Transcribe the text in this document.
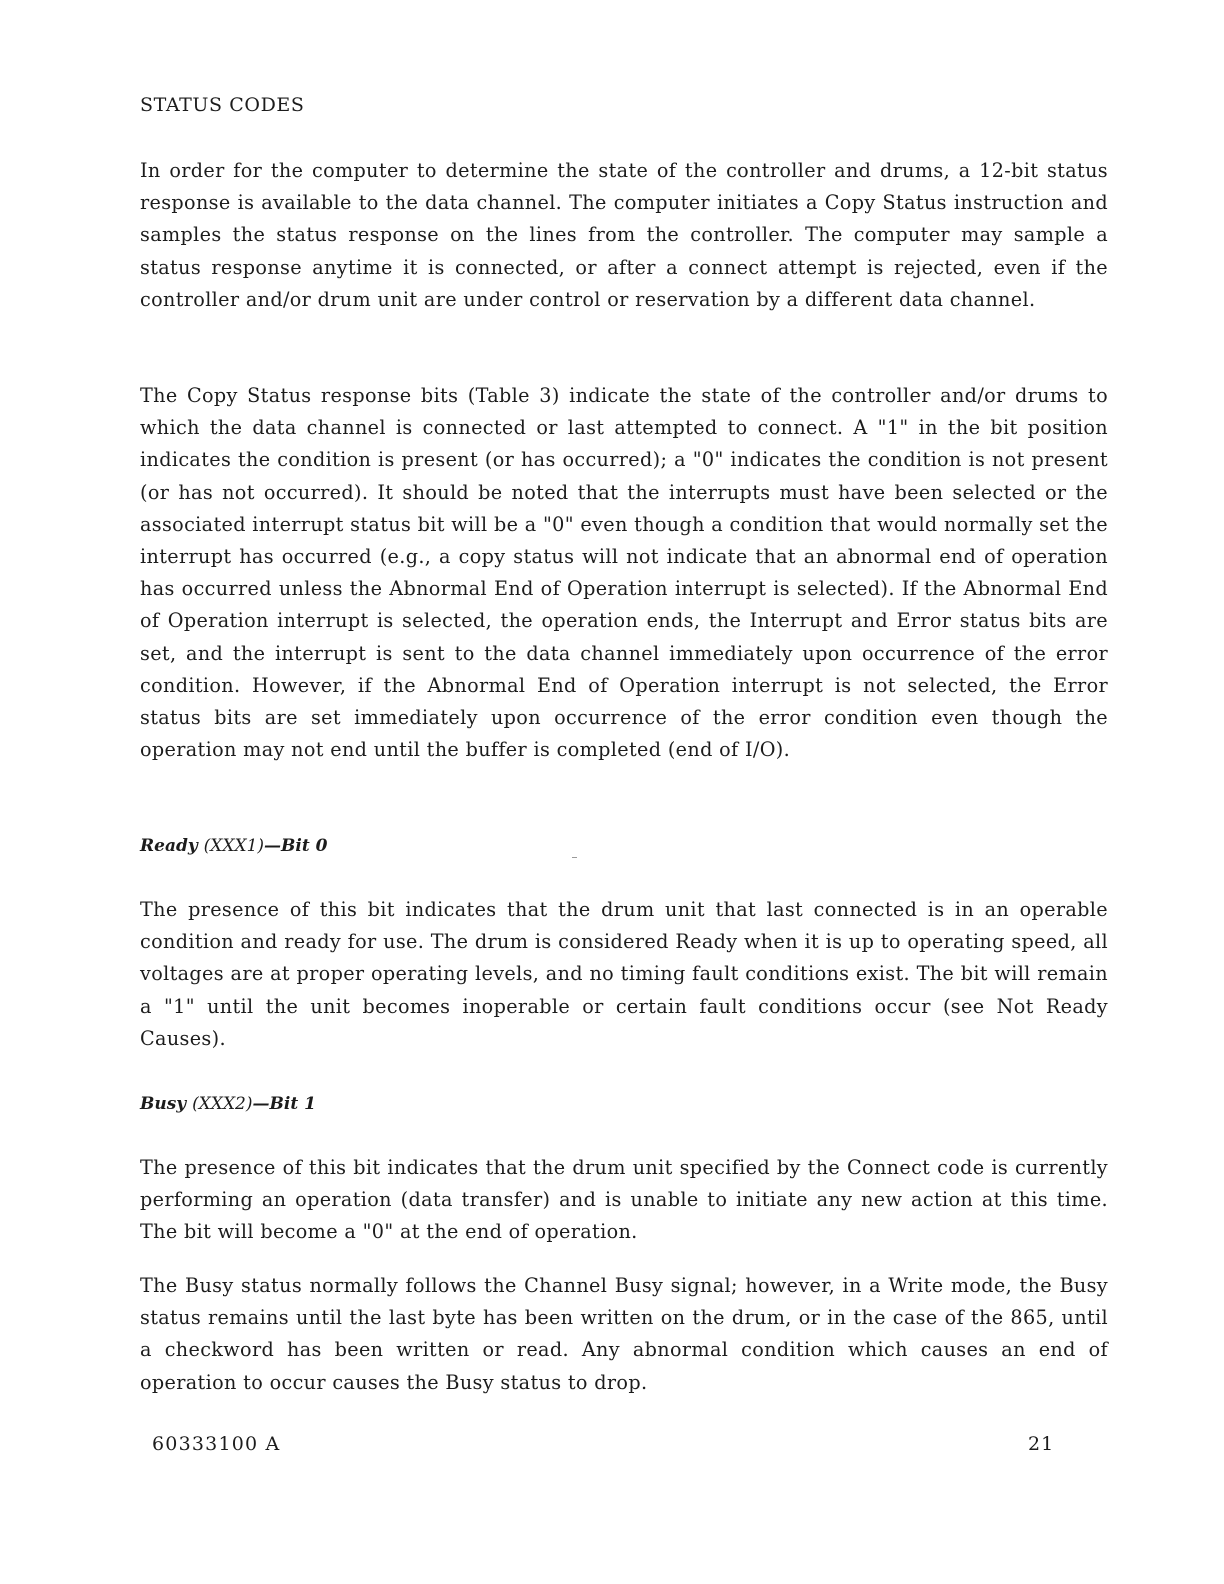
STATUS CODES

In order for the computer to determine the state of the controller and drums, a 12-bit status response is available to the data channel. The computer initiates a Copy Status instruction and samples the status response on the lines from the controller. The computer may sample a status response anytime it is connected, or after a connect attempt is rejected, even if the controller and/or drum unit are under control or reservation by a different data channel.

The Copy Status response bits (Table 3) indicate the state of the controller and/or drums to which the data channel is connected or last attempted to connect. A "1" in the bit position indicates the condition is present (or has occurred); a "0" indicates the condition is not present (or has not occurred). It should be noted that the interrupts must have been selected or the associated interrupt status bit will be a "0" even though a condition that would normally set the interrupt has occurred (e.g., a copy status will not indicate that an abnormal end of operation has occurred unless the Abnormal End of Operation interrupt is selected). If the Abnormal End of Operation interrupt is selected, the operation ends, the Interrupt and Error status bits are set, and the interrupt is sent to the data channel immediately upon occurrence of the error condition. However, if the Abnormal End of Operation interrupt is not selected, the Error status bits are set immediately upon occurrence of the error condition even though the operation may not end until the buffer is completed (end of I/O).

Ready (XXX1)—Bit 0

The presence of this bit indicates that the drum unit that last connected is in an operable condition and ready for use. The drum is considered Ready when it is up to operating speed, all voltages are at proper operating levels, and no timing fault conditions exist. The bit will remain a "1" until the unit becomes inoperable or certain fault conditions occur (see Not Ready Causes).

Busy (XXX2)—Bit 1

The presence of this bit indicates that the drum unit specified by the Connect code is currently performing an operation (data transfer) and is unable to initiate any new action at this time. The bit will become a "0" at the end of operation.

The Busy status normally follows the Channel Busy signal; however, in a Write mode, the Busy status remains until the last byte has been written on the drum, or in the case of the 865, until a checkword has been written or read. Any abnormal condition which causes an end of operation to occur causes the Busy status to drop.

60333100 A	21
